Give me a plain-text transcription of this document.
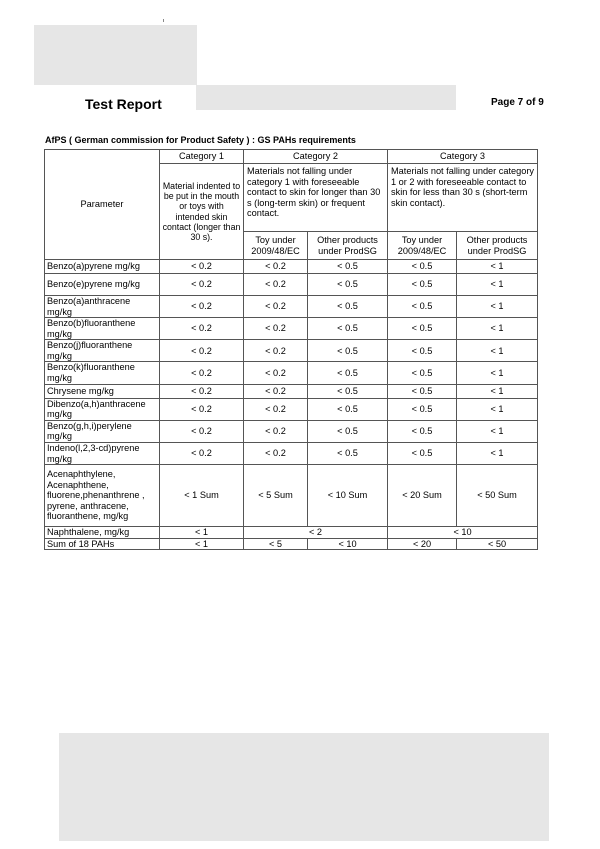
Test Report	Page 7 of 9
AfPS ( German commission for Product Safety ) : GS PAHs requirements
Parameter	Category 1	Category 2		Category 3	
	Material indented to be put in the mouth or toys with intended skin contact (longer than 30 s).	Materials not falling under category 1 with foreseeable contact to skin for longer than 30 s (long-term skin) or frequent contact.		Materials not falling under category 1 or 2 with foreseeable contact to skin for less than 30 s (short-term skin contact).	
		Toy under 2009/48/EC	Other products under ProdSG	Toy under 2009/48/EC	Other products under ProdSG
Benzo(a)pyrene mg/kg	< 0.2	< 0.2	< 0.5	< 0.5	< 1
Benzo(e)pyrene mg/kg	< 0.2	< 0.2	< 0.5	< 0.5	< 1
Benzo(a)anthracene mg/kg	< 0.2	< 0.2	< 0.5	< 0.5	< 1
Benzo(b)fluoranthene mg/kg	< 0.2	< 0.2	< 0.5	< 0.5	< 1
Benzo(j)fluoranthene mg/kg	< 0.2	< 0.2	< 0.5	< 0.5	< 1
Benzo(k)fluoranthene mg/kg	< 0.2	< 0.2	< 0.5	< 0.5	< 1
Chrysene mg/kg	< 0.2	< 0.2	< 0.5	< 0.5	< 1
Dibenzo(a,h)anthracene mg/kg	< 0.2	< 0.2	< 0.5	< 0.5	< 1
Benzo(g,h,i)perylene mg/kg	< 0.2	< 0.2	< 0.5	< 0.5	< 1
Indeno(l,2,3-cd)pyrene mg/kg	< 0.2	< 0.2	< 0.5	< 0.5	< 1
Acenaphthylene, Acenaphthene, fluorene,phenanthrene , pyrene, anthracene, fluoranthene, mg/kg	< 1 Sum	< 5 Sum	< 10 Sum	< 20 Sum	< 50 Sum
Naphthalene, mg/kg	< 1	< 2		< 10	
Sum of 18 PAHs	< 1	< 5	< 10	< 20	< 50
